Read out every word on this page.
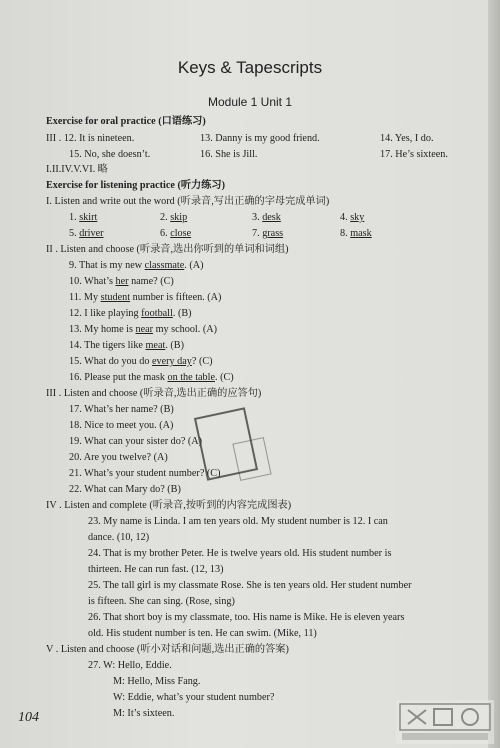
Keys & Tapescripts
Module 1 Unit 1
Exercise for oral practice (口语练习)
III . 12. It is nineteen.	13. Danny is my good friend.	14. Yes, I do.
15. No, she doesn’t.	16. She is Jill.	17. He’s sixteen.
I.II.IV.V.VI. 略
Exercise for listening practice (听力练习)
I. Listen and write out the word (听录音,写出正确的字母完成单词)
1. skirt	2. skip	3. desk	4. sky
5. driver	6. close	7. grass	8. mask
II . Listen and choose (听录音,选出你听到的单词和词组)
9. That is my new classmate. (A)
10. What’s her name? (C)
11. My student number is fifteen. (A)
12. I like playing football. (B)
13. My home is near my school. (A)
14. The tigers like meat. (B)
15. What do you do every day? (C)
16. Please put the mask on the table. (C)
III . Listen and choose (听录音,选出正确的应答句)
17. What’s her name? (B)
18. Nice to meet you. (A)
19. What can your sister do? (A)
20. Are you twelve? (A)
21. What’s your student number? (C)
22. What can Mary do? (B)
IV . Listen and complete (听录音,按听到的内容完成图表)
23. My name is Linda. I am ten years old. My student number is 12. I can
dance. (10, 12)
24. That is my brother Peter. He is twelve years old. His student number is
thirteen. He can run fast. (12, 13)
25. The tall girl is my classmate Rose. She is ten years old. Her student number
is fifteen. She can sing. (Rose, sing)
26. That short boy is my classmate, too. His name is Mike. He is eleven years
old. His student number is ten. He can swim. (Mike, 11)
V . Listen and choose (听小对话和问题,选出正确的答案)
27. W: Hello, Eddie.
M: Hello, Miss Fang.
W: Eddie, what’s your student number?
M: It’s sixteen.
104
